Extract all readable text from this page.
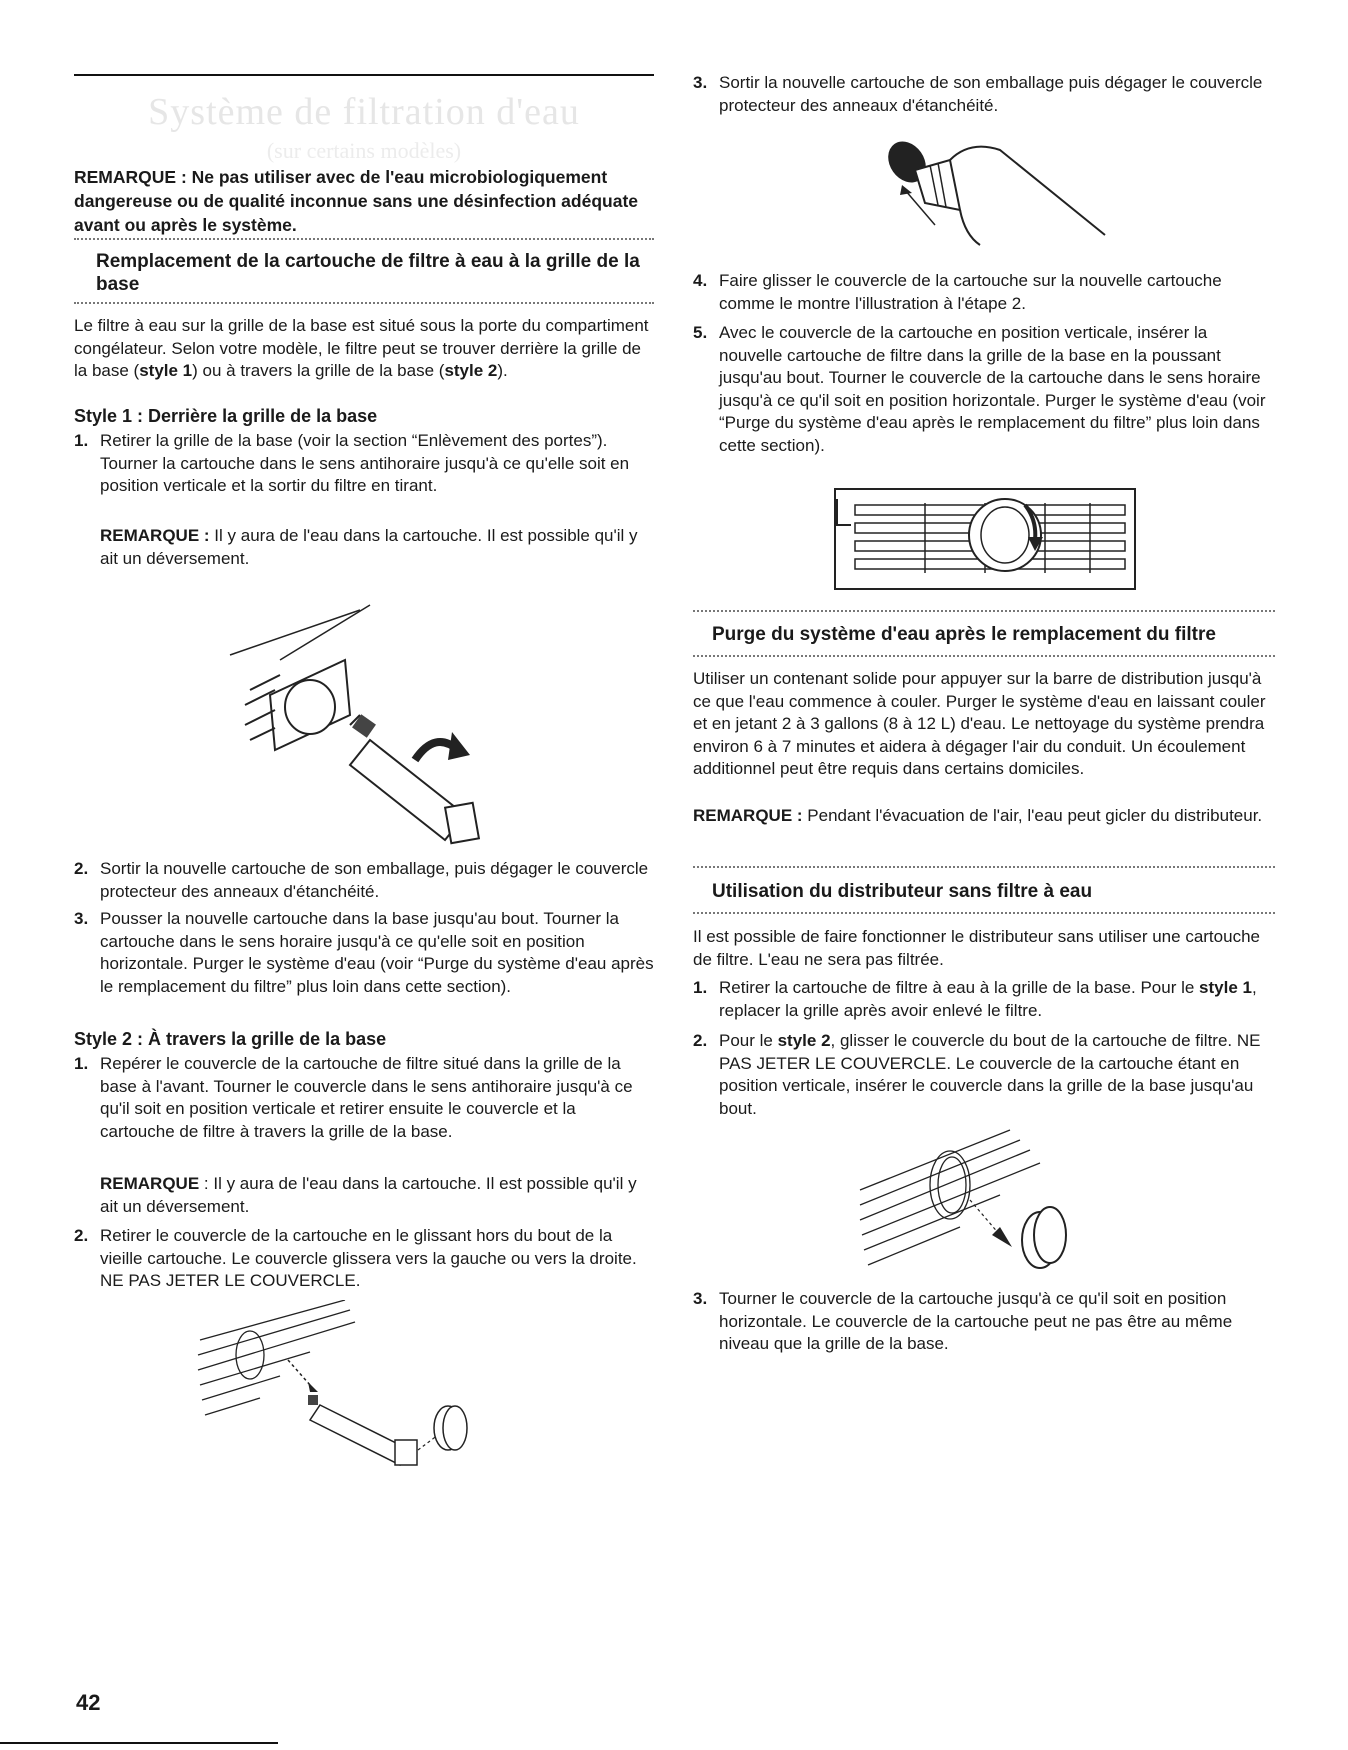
Système de filtration d'eau
(sur certains modèles)
REMARQUE : Ne pas utiliser avec de l'eau microbiologiquement dangereuse ou de qualité inconnue sans une désinfection adéquate avant ou après le système.
Remplacement de la cartouche de filtre à eau à la grille de la base

Le filtre à eau sur la grille de la base est situé sous la porte du compartiment congélateur. Selon votre modèle, le filtre peut se trouver derrière la grille de la base (style 1) ou à travers la grille de la base (style 2).

Style 1 : Derrière la grille de la base
1. Retirer la grille de la base (voir la section “Enlèvement des portes”). Tourner la cartouche dans le sens antihoraire jusqu'à ce qu'elle soit en position verticale et la sortir du filtre en tirant.

REMARQUE : Il y aura de l'eau dans la cartouche. Il est possible qu'il y ait un déversement.

2. Sortir la nouvelle cartouche de son emballage, puis dégager le couvercle protecteur des anneaux d'étanchéité.
3. Pousser la nouvelle cartouche dans la base jusqu'au bout. Tourner la cartouche dans le sens horaire jusqu'à ce qu'elle soit en position horizontale. Purger le système d'eau (voir “Purge du système d'eau après le remplacement du filtre” plus loin dans cette section).
Style 2 : À travers la grille de la base
1. Repérer le couvercle de la cartouche de filtre situé dans la grille de la base à l'avant. Tourner le couvercle dans le sens antihoraire jusqu'à ce qu'il soit en position verticale et retirer ensuite le couvercle et la cartouche de filtre à travers la grille de la base.

REMARQUE : Il y aura de l'eau dans la cartouche. Il est possible qu'il y ait un déversement.

2. Retirer le couvercle de la cartouche en le glissant hors du bout de la vieille cartouche. Le couvercle glissera vers la gauche ou vers la droite. NE PAS JETER LE COUVERCLE.
3. Sortir la nouvelle cartouche de son emballage puis dégager le couvercle protecteur des anneaux d'étanchéité.
4. Faire glisser le couvercle de la cartouche sur la nouvelle cartouche comme le montre l'illustration à l'étape 2.
5. Avec le couvercle de la cartouche en position verticale, insérer la nouvelle cartouche de filtre dans la grille de la base en la poussant jusqu'au bout. Tourner le couvercle de la cartouche dans le sens horaire jusqu'à ce qu'il soit en position horizontale. Purger le système d'eau (voir “Purge du système d'eau après le remplacement du filtre” plus loin dans cette section).
Purge du système d'eau après le remplacement du filtre

Utiliser un contenant solide pour appuyer sur la barre de distribution jusqu'à ce que l'eau commence à couler. Purger le système d'eau en laissant couler et en jetant 2 à 3 gallons (8 à 12 L) d'eau. Le nettoyage du système prendra environ 6 à 7 minutes et aidera à dégager l'air du conduit. Un écoulement additionnel peut être requis dans certains domiciles.

REMARQUE : Pendant l'évacuation de l'air, l'eau peut gicler du distributeur.

Utilisation du distributeur sans filtre à eau

Il est possible de faire fonctionner le distributeur sans utiliser une cartouche de filtre. L'eau ne sera pas filtrée.

1. Retirer la cartouche de filtre à eau à la grille de la base. Pour le style 1, replacer la grille après avoir enlevé le filtre.
2. Pour le style 2, glisser le couvercle du bout de la cartouche de filtre. NE PAS JETER LE COUVERCLE. Le couvercle de la cartouche étant en position verticale, insérer le couvercle dans la grille de la base jusqu'au bout.
3. Tourner le couvercle de la cartouche jusqu'à ce qu'il soit en position horizontale. Le couvercle de la cartouche peut ne pas être au même niveau que la grille de la base.
42
